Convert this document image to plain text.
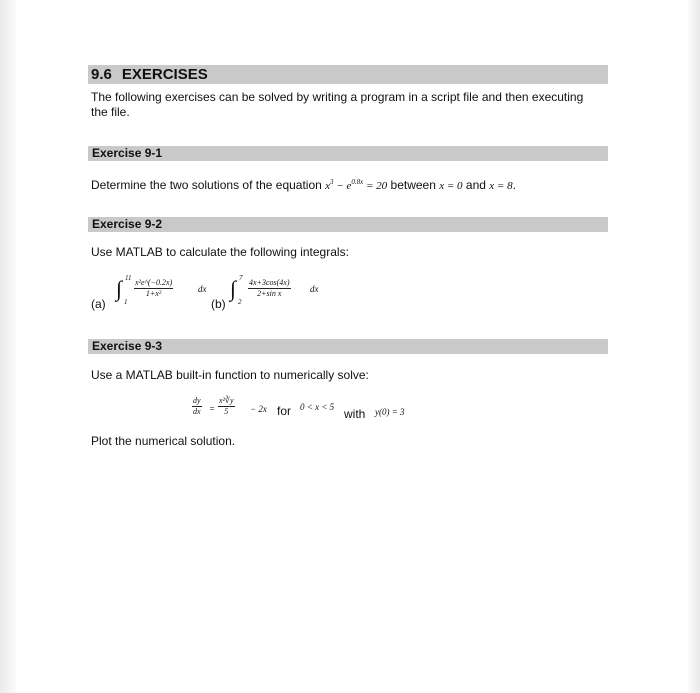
9.6 EXERCISES
The following exercises can be solved by writing a program in a script file and then executing the file.
Exercise 9-1
Determine the two solutions of the equation $x^3 - e^{0.8x} = 20$ between x = 0 and x = 8.
Exercise 9-2
Use MATLAB to calculate the following integrals:
(a)
∫ 11
1
$\frac{\text{x²e\textasciicircum{}(−0.2x)}}{\text{1+x²}}$	dx
(b)
∫ 7
2
$\frac{4x+3\cos(4x)}{\text{2+sin x}}$ dx
Exercise 9-3
Use a MATLAB built-in function to numerically solve:
$\frac{dy}{dx} = \frac{\text{x²∛y}}{5} - 2x$ for 0 < x < 5 with y(0) = 3
Plot the numerical solution.
